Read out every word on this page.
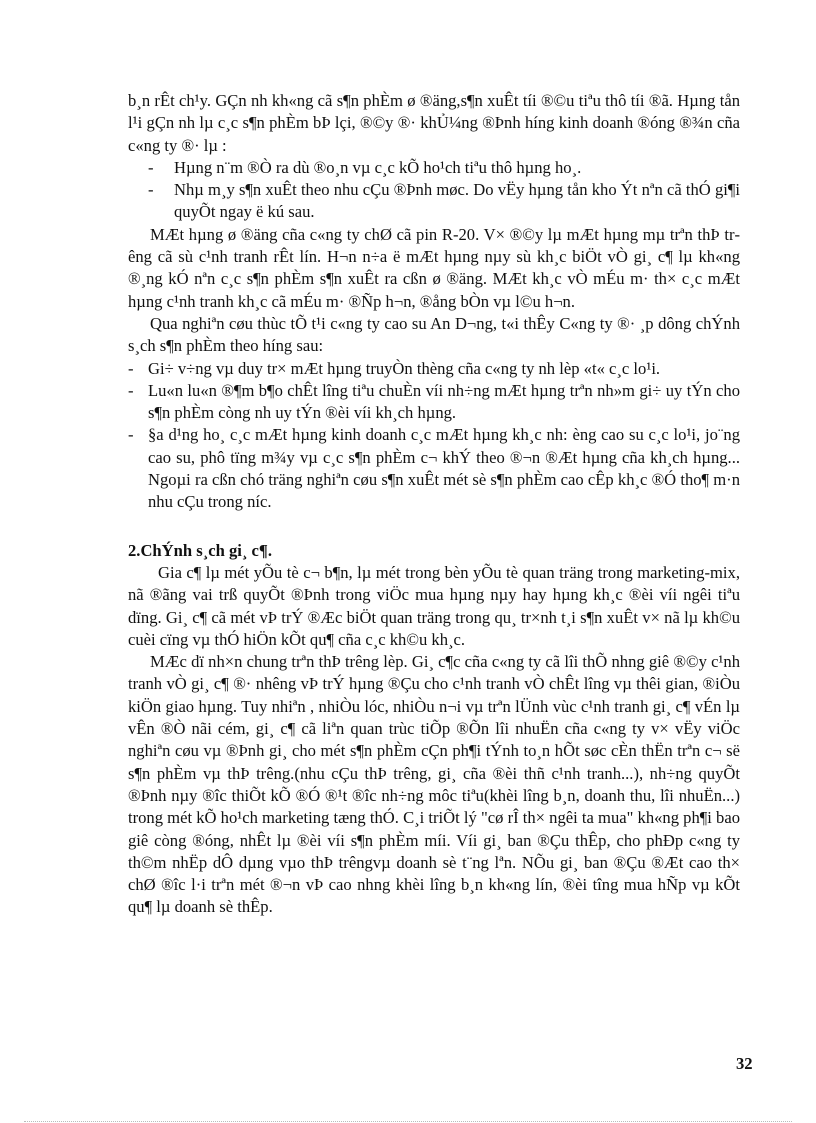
b¸n rÊt ch¹y. GÇn nh kh«ng cã s¶n phÈm ø ®äng,s¶n xuÊt tíi ®©u tiªu thô tíi ®ã. Hµng tån l¹i gÇn nh lµ c¸c s¶n phÈm bÞ lçi, ®©y ®· khỦ¼ng ®Þnh híng kinh doanh ®óng ®¾n cña c«ng ty ®· lµ :

- Hµng n¨m ®Ò ra dù ®o¸n vµ c¸c kÕ ho¹ch tiªu thô hµng ho¸.
- Nhµ m¸y s¶n xuÊt theo nhu cÇu ®Þnh møc. Do vËy hµng tån kho Ýt nªn cã thÓ gi¶i quyÕt ngay ë kú sau.

MÆt hµng ø ®äng cña c«ng ty chØ cã pin R-20. V× ®©y lµ mÆt hµng mµ trªn thÞ trêng cã sù c¹nh tranh rÊt lín. H¬n n÷a ë mÆt hµng nµy sù kh¸c biÖt vÒ gi¸ c¶ lµ kh«ng ®¸ng kÓ nªn c¸c s¶n phÈm s¶n xuÊt ra cßn ø ®äng. MÆt kh¸c vÒ mÉu m· th× c¸c mÆt hµng c¹nh tranh kh¸c cã mÉu m· ®Ñp h¬n, ®ång bÒn vµ l©u h¬n.

Qua nghiªn cøu thùc tÕ t¹i c«ng ty cao su An D¬ng, t«i thÊy C«ng ty ®· ¸p dông chÝnh s¸ch s¶n phÈm theo híng sau:

- Gi÷ v÷ng vµ duy tr× mÆt hµng truyÒn thèng cña c«ng ty nh lèp «t« c¸c lo¹i.
- Lu«n lu«n ®¶m b¶o chÊt lîng tiªu chuÈn víi nh÷ng mÆt hµng trªn nh»m gi÷ uy tÝn cho s¶n phÈm còng nh uy tÝn ®èi víi kh¸ch hµng.
- §a d¹ng ho¸ c¸c mÆt hµng kinh doanh c¸c mÆt hµng kh¸c nh: èng cao su c¸c lo¹i, jo¨ng cao su, phô tïng m¾y vµ c¸c s¶n phÈm c¬ khÝ theo ®¬n ®Æt hµng cña kh¸ch hµng... Ngoµi ra cßn chó träng nghiªn cøu s¶n xuÊt mét sè s¶n phÈm cao cÊp kh¸c ®Ó tho¶ m·n nhu cÇu trong níc.
2.ChÝnh s¸ch gi¸ c¶.

Gia c¶ lµ mét yÕu tè c¬ b¶n, lµ mét trong bèn yÕu tè quan träng trong marketing-mix, nã ®ãng vai trß quyÕt ®Þnh trong viÖc mua hµng nµy hay hµng kh¸c ®èi víi ngêi tiªu dïng. Gi¸ c¶ cã mét vÞ trÝ ®Æc biÖt quan träng trong qu¸ tr×nh t¸i s¶n xuÊt v× nã lµ kh©u cuèi cïng vµ thÓ hiÖn kÕt qu¶ cña c¸c kh©u kh¸c.

MÆc dï nh×n chung trªn thÞ trêng lèp. Gi¸ c¶c cña c«ng ty cã lîi thÕ nhng giê ®©y c¹nh tranh vÒ gi¸ c¶ ®· nhêng vÞ trÝ hµng ®Çu cho c¹nh tranh vÒ chÊt lîng vµ thêi gian, ®iÒu kiÖn giao hµng. Tuy nhiªn , nhiÒu lóc, nhiÒu n¬i vµ trªn lÜnh vùc c¹nh tranh gi¸ c¶ vÉn lµ vÊn ®Ò nãi cém, gi¸ c¶ cã liªn quan trùc tiÕp ®Õn lîi nhuËn cña c«ng ty v× vËy viÖc nghiªn cøu vµ ®Þnh gi¸ cho mét s¶n phÈm cÇn ph¶i tÝnh to¸n hÕt søc cÈn thËn trªn c¬ së s¶n phÈm vµ thÞ trêng.(nhu cÇu thÞ trêng, gi¸ cña ®èi thñ c¹nh tranh...), nh÷ng quyÕt ®Þnh nµy ®îc thiÕt kÕ ®Ó ®¹t ®îc nh÷ng môc tiªu(khèi lîng b¸n, doanh thu, lîi nhuËn...) trong mét kÕ ho¹ch marketing tæng thÓ. C¸i triÕt lý "cø rÎ th× ngêi ta mua" kh«ng ph¶i bao giê còng ®óng, nhÊt lµ ®èi víi s¶n phÈm míi. Víi gi¸ ban ®Çu thÊp, cho phÐp c«ng ty th©m nhËp dÔ dµng vµo thÞ trêngvµ doanh sè t¨ng lªn. NÕu gi¸ ban ®Çu ®Æt cao th× chØ ®îc l·i trªn mét ®¬n vÞ cao nhng khèi lîng b¸n kh«ng lín, ®èi tîng mua hÑp vµ kÕt qu¶ lµ doanh sè thÊp.

32
